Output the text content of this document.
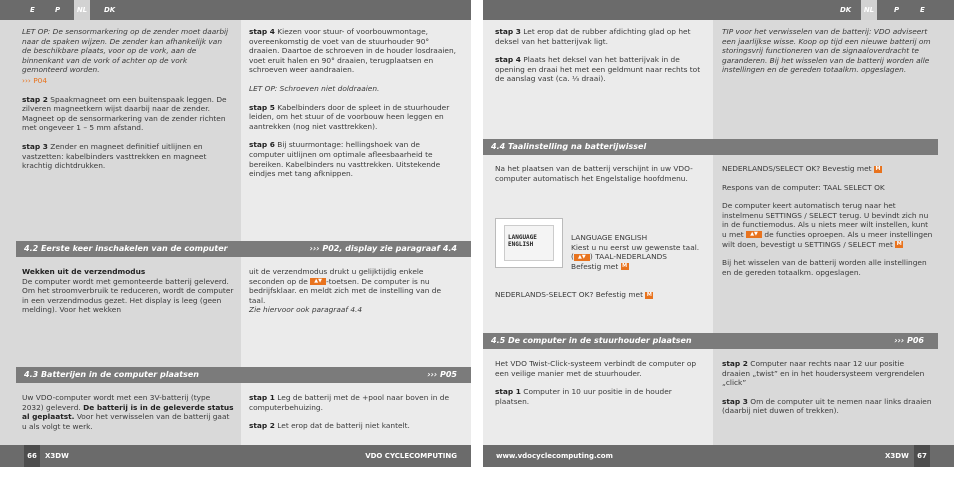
E	P	NL	DK	DK	NL	P	E

LET OP: De sensormarkering op de zender moet daarbij naar de spaken wijzen. De zender kan afhankelijk van de beschikbare plaats, voor op de vork, aan de binnenkant van de vork of achter op de vork gemonteerd worden.

››› P04

stap 2 Spaakmagneet om een buitenspaak leggen. De zilveren magneetkern wijst daarbij naar de zender. Magneet op de sensormarkering van de zender richten met ongeveer 1 – 5 mm afstand.

stap 3 Zender en magneet definitief uitlijnen en vastzetten: kabelbinders vasttrekken en magneet krachtig dichtdrukken.

stap 4 Kiezen voor stuur- of voorbouwmontage, overeenkomstig de voet van de stuurhouder 90° draaien. Daartoe de schroeven in de houder losdraaien, voet eruit halen en 90° draaien, terugplaatsen en schroeven weer aandraaien.

LET OP: Schroeven niet doldraaien.

stap 5 Kabelbinders door de spleet in de stuurhouder leiden, om het stuur of de voorbouw heen leggen en aantrekken (nog niet vasttrekken).

stap 6 Bij stuurmontage: hellingshoek van de computer uitlijnen om optimale afleesbaarheid te bereiken. Kabelbinders nu vasttrekken. Uitstekende eindjes met tang afknippen.

4.2 Eerste keer inschakelen van de computer	››› P02, display zie paragraaf 4.4

Wekken uit de verzendmodus

De computer wordt met gemonteerde batterij geleverd. Om het stroomverbruik te reduceren, wordt de computer in een verzendmodus gezet. Het display is leeg (geen melding). Voor het wekken

uit de verzendmodus drukt u gelijktijdig enkele seconden op de ▲▼ -toetsen. De computer is nu bedrijfsklaar. en meldt zich met de instelling van de taal.

Zie hiervoor ook paragraaf 4.4

4.3 Batterijen in de computer plaatsen	››› P05

Uw VDO-computer wordt met een 3V-batterij (type 2032) geleverd. De batterij is in de geleverde status al geplaatst. Voor het verwisselen van de batterij gaat u als volgt te werk.

stap 1 Leg de batterij met de +pool naar boven in de computerbehuizing.

stap 2 Let erop dat de batterij niet kantelt.

stap 3 Let erop dat de rubber afdichting glad op het deksel van het batterijvak ligt.

stap 4 Plaats het deksel van het batterijvak in de opening en draai het met een geldmunt naar rechts tot de aanslag vast (ca. ⅓ draai).

TIP voor het verwisselen van de batterij: VDO adviseert een jaarlijkse wisse. Koop op tijd een nieuwe batterij om storingsvrij functioneren van de signaaloverdracht te garanderen. Bij het wisselen van de batterij worden alle instellingen en de gereden totaalkm. opgeslagen.

4.4 Taalinstelling na batterijwissel

Na het plaatsen van de batterij verschijnt in uw VDO-computer automatisch het Engelstalige hoofdmenu.

LANGUAGE
ENGLISH
LANGUAGE ENGLISH
Kiest u nu eerst uw gewenste taal. ( ▲▼ ) TAAL-NEDERLANDS
Befestig met M
NEDERLANDS-SELECT OK? Befestig met M

NEDERLANDS/SELECT OK? Bevestig met M

Respons van de computer: TAAL SELECT OK

De computer keert automatisch terug naar het instelmenu SETTINGS / SELECT terug. U bevindt zich nu in de functiemodus. Als u niets meer wilt instellen, kunt u met ▲▼ de functies oproepen. Als u meer instellingen wilt doen, bevestigt u SETTINGS / SELECT met M

Bij het wisselen van de batterij worden alle instellingen en de gereden totaalkm. opgeslagen.

4.5 De computer in de stuurhouder plaatsen	››› P06

Het VDO Twist-Click-systeem verbindt de computer op een veilige manier met de stuurhouder.

stap 1 Computer in 10 uur positie in de houder plaatsen.

stap 2 Computer naar rechts naar 12 uur positie draaien „twist” en in het houdersysteem vergrendelen „click”

stap 3 Om de computer uit te nemen naar links draaien (daarbij niet duwen of trekken).

66	X3DW	VDO CYCLECOMPUTING	www.vdocyclecomputing.com	X3DW	67
